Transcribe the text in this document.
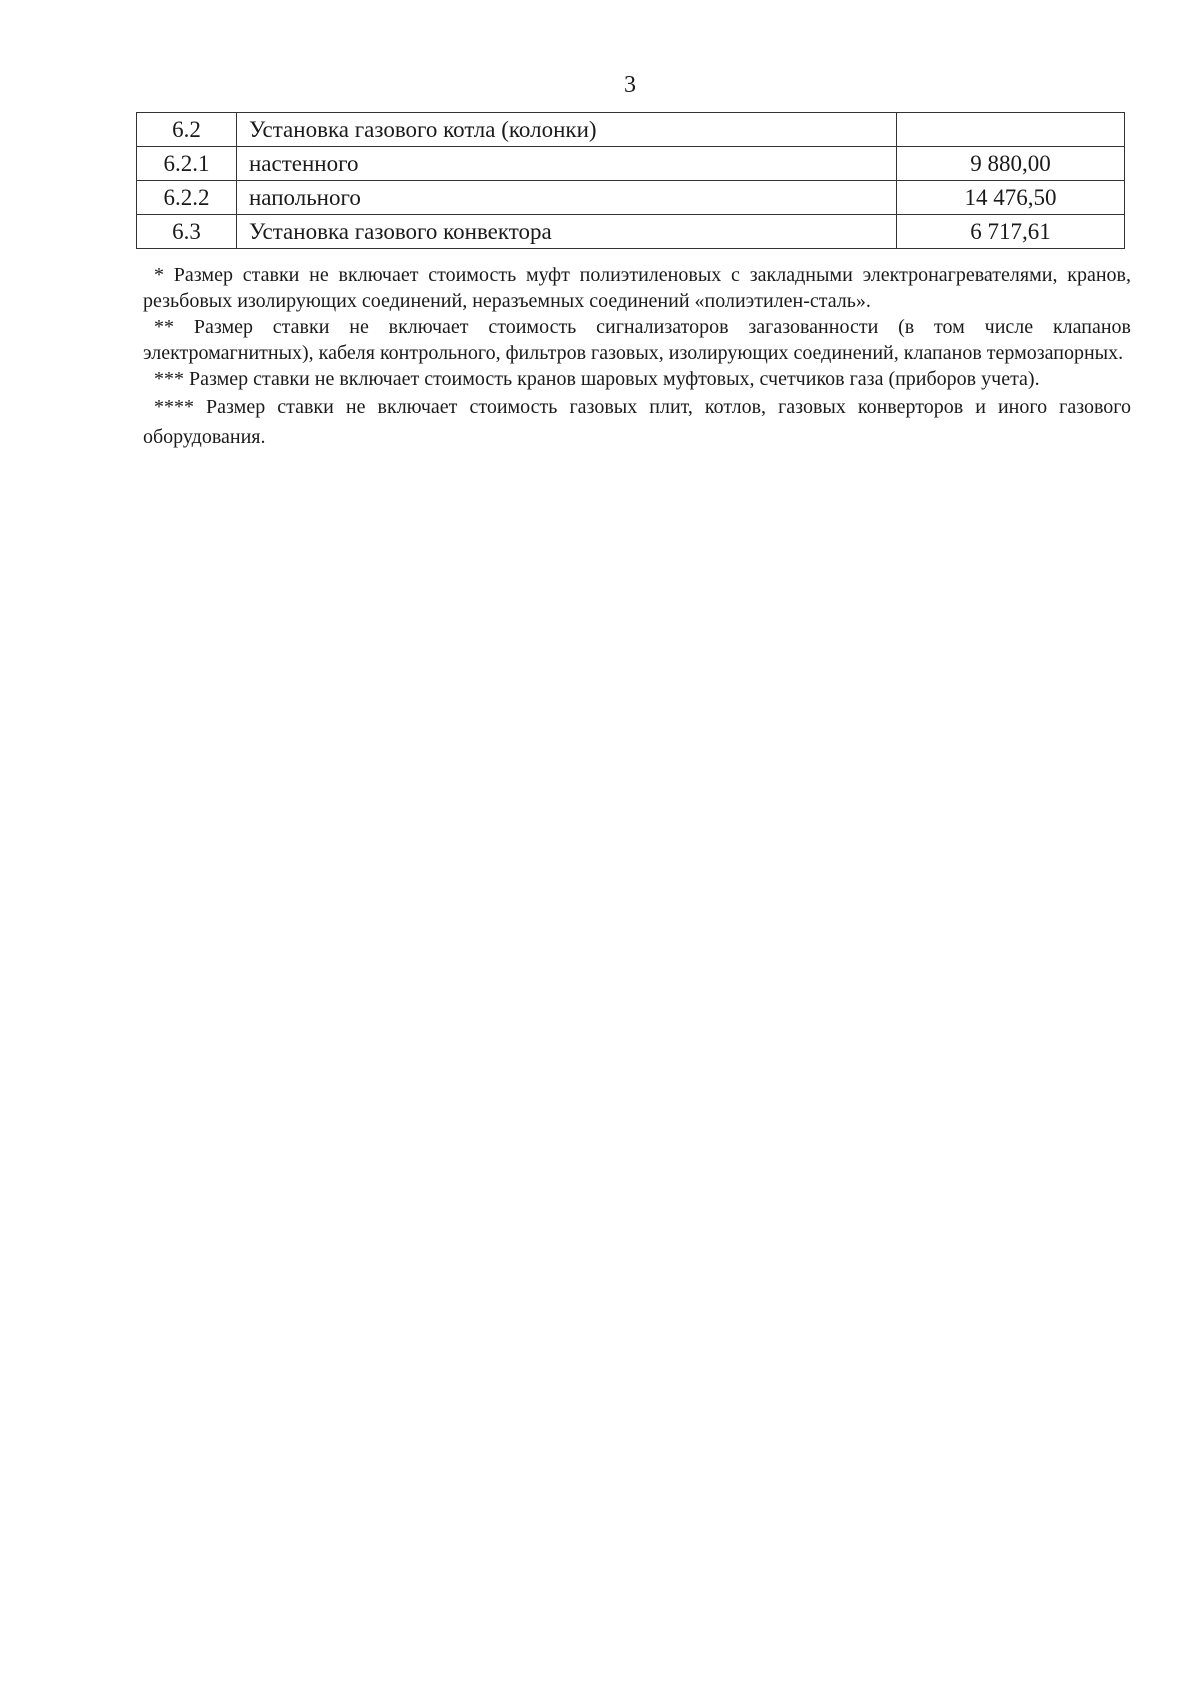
3
6.2	Установка газового котла (колонки)	
6.2.1	настенного	9 880,00
6.2.2	напольного	14 476,50
6.3	Установка газового конвектора	6 717,61

* Размер ставки не включает стоимость муфт полиэтиленовых с закладными электронагревателями, кранов, резьбовых изолирующих соединений, неразъемных соединений «полиэтилен-сталь».

** Размер ставки не включает стоимость сигнализаторов загазованности (в том числе клапанов электромагнитных), кабеля контрольного, фильтров газовых, изолирующих соединений, клапанов термозапорных.

*** Размер ставки не включает стоимость кранов шаровых муфтовых, счетчиков газа (приборов учета).

**** Размер ставки не включает стоимость газовых плит, котлов, газовых конверторов и иного газового оборудования.
